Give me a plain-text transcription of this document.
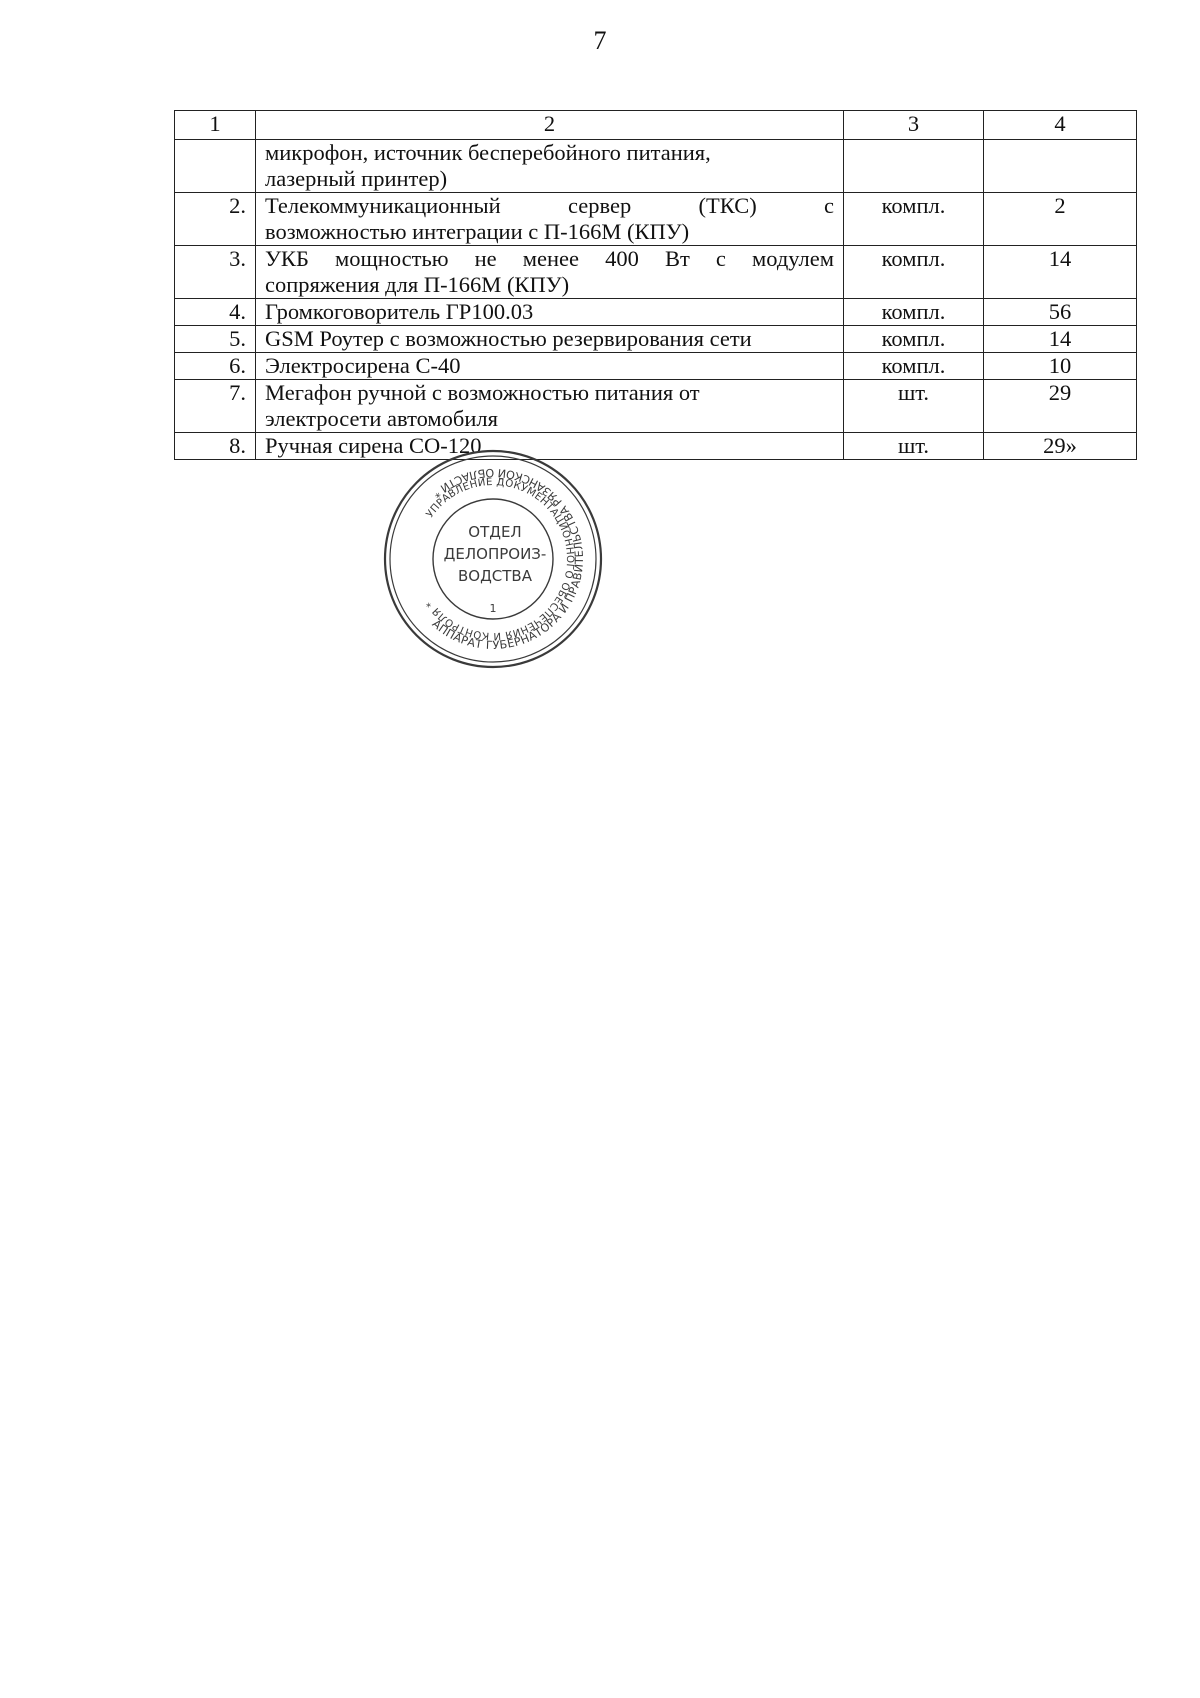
7
1	2	3	4

	микрофон, источник бесперебойного питания,
лазерный принтер)		

2.	Телекоммуникационный сервер (ТКС) с
возможностью интеграции с П-166М (КПУ)	компл.	2
3.	УКБ мощностью не менее 400 Вт с модулем
сопряжения для П-166М (КПУ)	компл.	14
4.	Громкоговоритель ГР100.03	компл.	56
5.	GSM Роутер с возможностью резервирования сети	компл.	14
6.	Электросирена С-40	компл.	10
7.	Мегафон ручной с возможностью питания от
электросети автомобиля	шт.	29
8.	Ручная сирена СО-120	шт.	29»
АППАРАТ ГУБЕРНАТОРА И ПРАВИТЕЛЬСТВА РЯЗАНСКОЙ ОБЛАСТИ *
УПРАВЛЕНИЕ ДОКУМЕНТАЦИОННОГО ОБЕСПЕЧЕНИЯ И КОНТРОЛЯ *
ОТДЕЛ
ДЕЛОПРОИЗ-
ВОДСТВА
1
